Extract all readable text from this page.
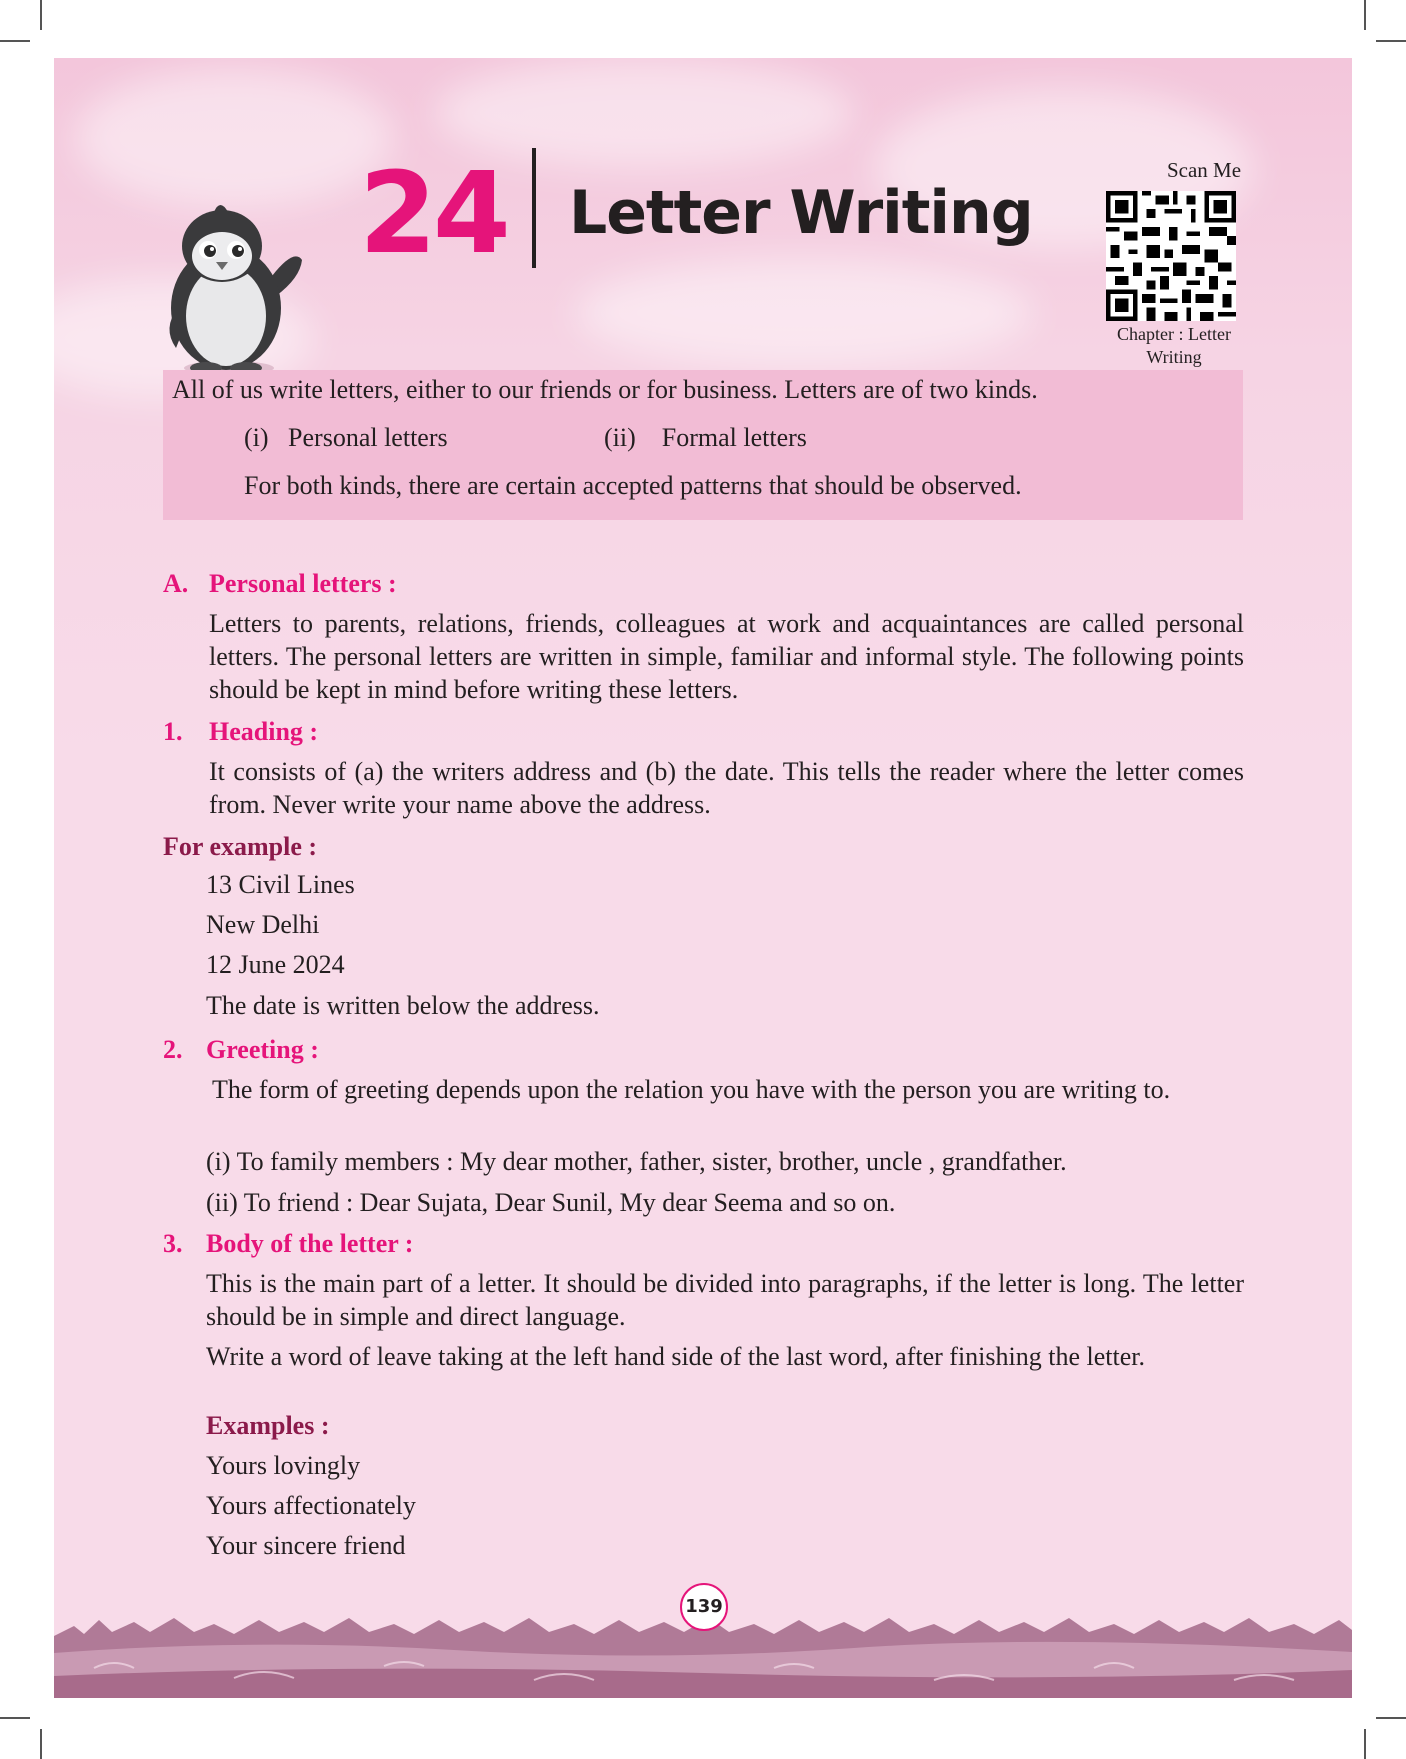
24 Letter Writing
Scan Me
Chapter : Letter
Writing
All of us write letters, either to our friends or for business. Letters are of two kinds.
(i)   Personal letters	(ii)    Formal letters
For both kinds, there are certain accepted patterns that should be observed.
A. Personal letters :
Letters to parents, relations, friends, colleagues at work and acquaintances are called personal letters. The personal letters are written in simple, familiar and informal style. The following points should be kept in mind before writing these letters.
1. Heading :
It consists of (a) the writers address and (b) the date. This tells the reader where the letter comes from. Never write your name above the address.
For example :
13 Civil Lines
New Delhi
12 June 2024
The date is written below the address.
2. Greeting :
The form of greeting depends upon the relation you have with the person you are writing to.
(i) To family members : My dear mother, father, sister, brother, uncle , grandfather.
(ii) To friend : Dear Sujata, Dear Sunil, My dear Seema and so on.
3. Body of the letter :
This is the main part of a letter. It should be divided into paragraphs, if the letter is long. The letter should be in simple and direct language.
Write a word of leave taking at the left hand side of the last word, after finishing the letter.
Examples :
Yours lovingly
Yours affectionately
Your sincere friend
139
